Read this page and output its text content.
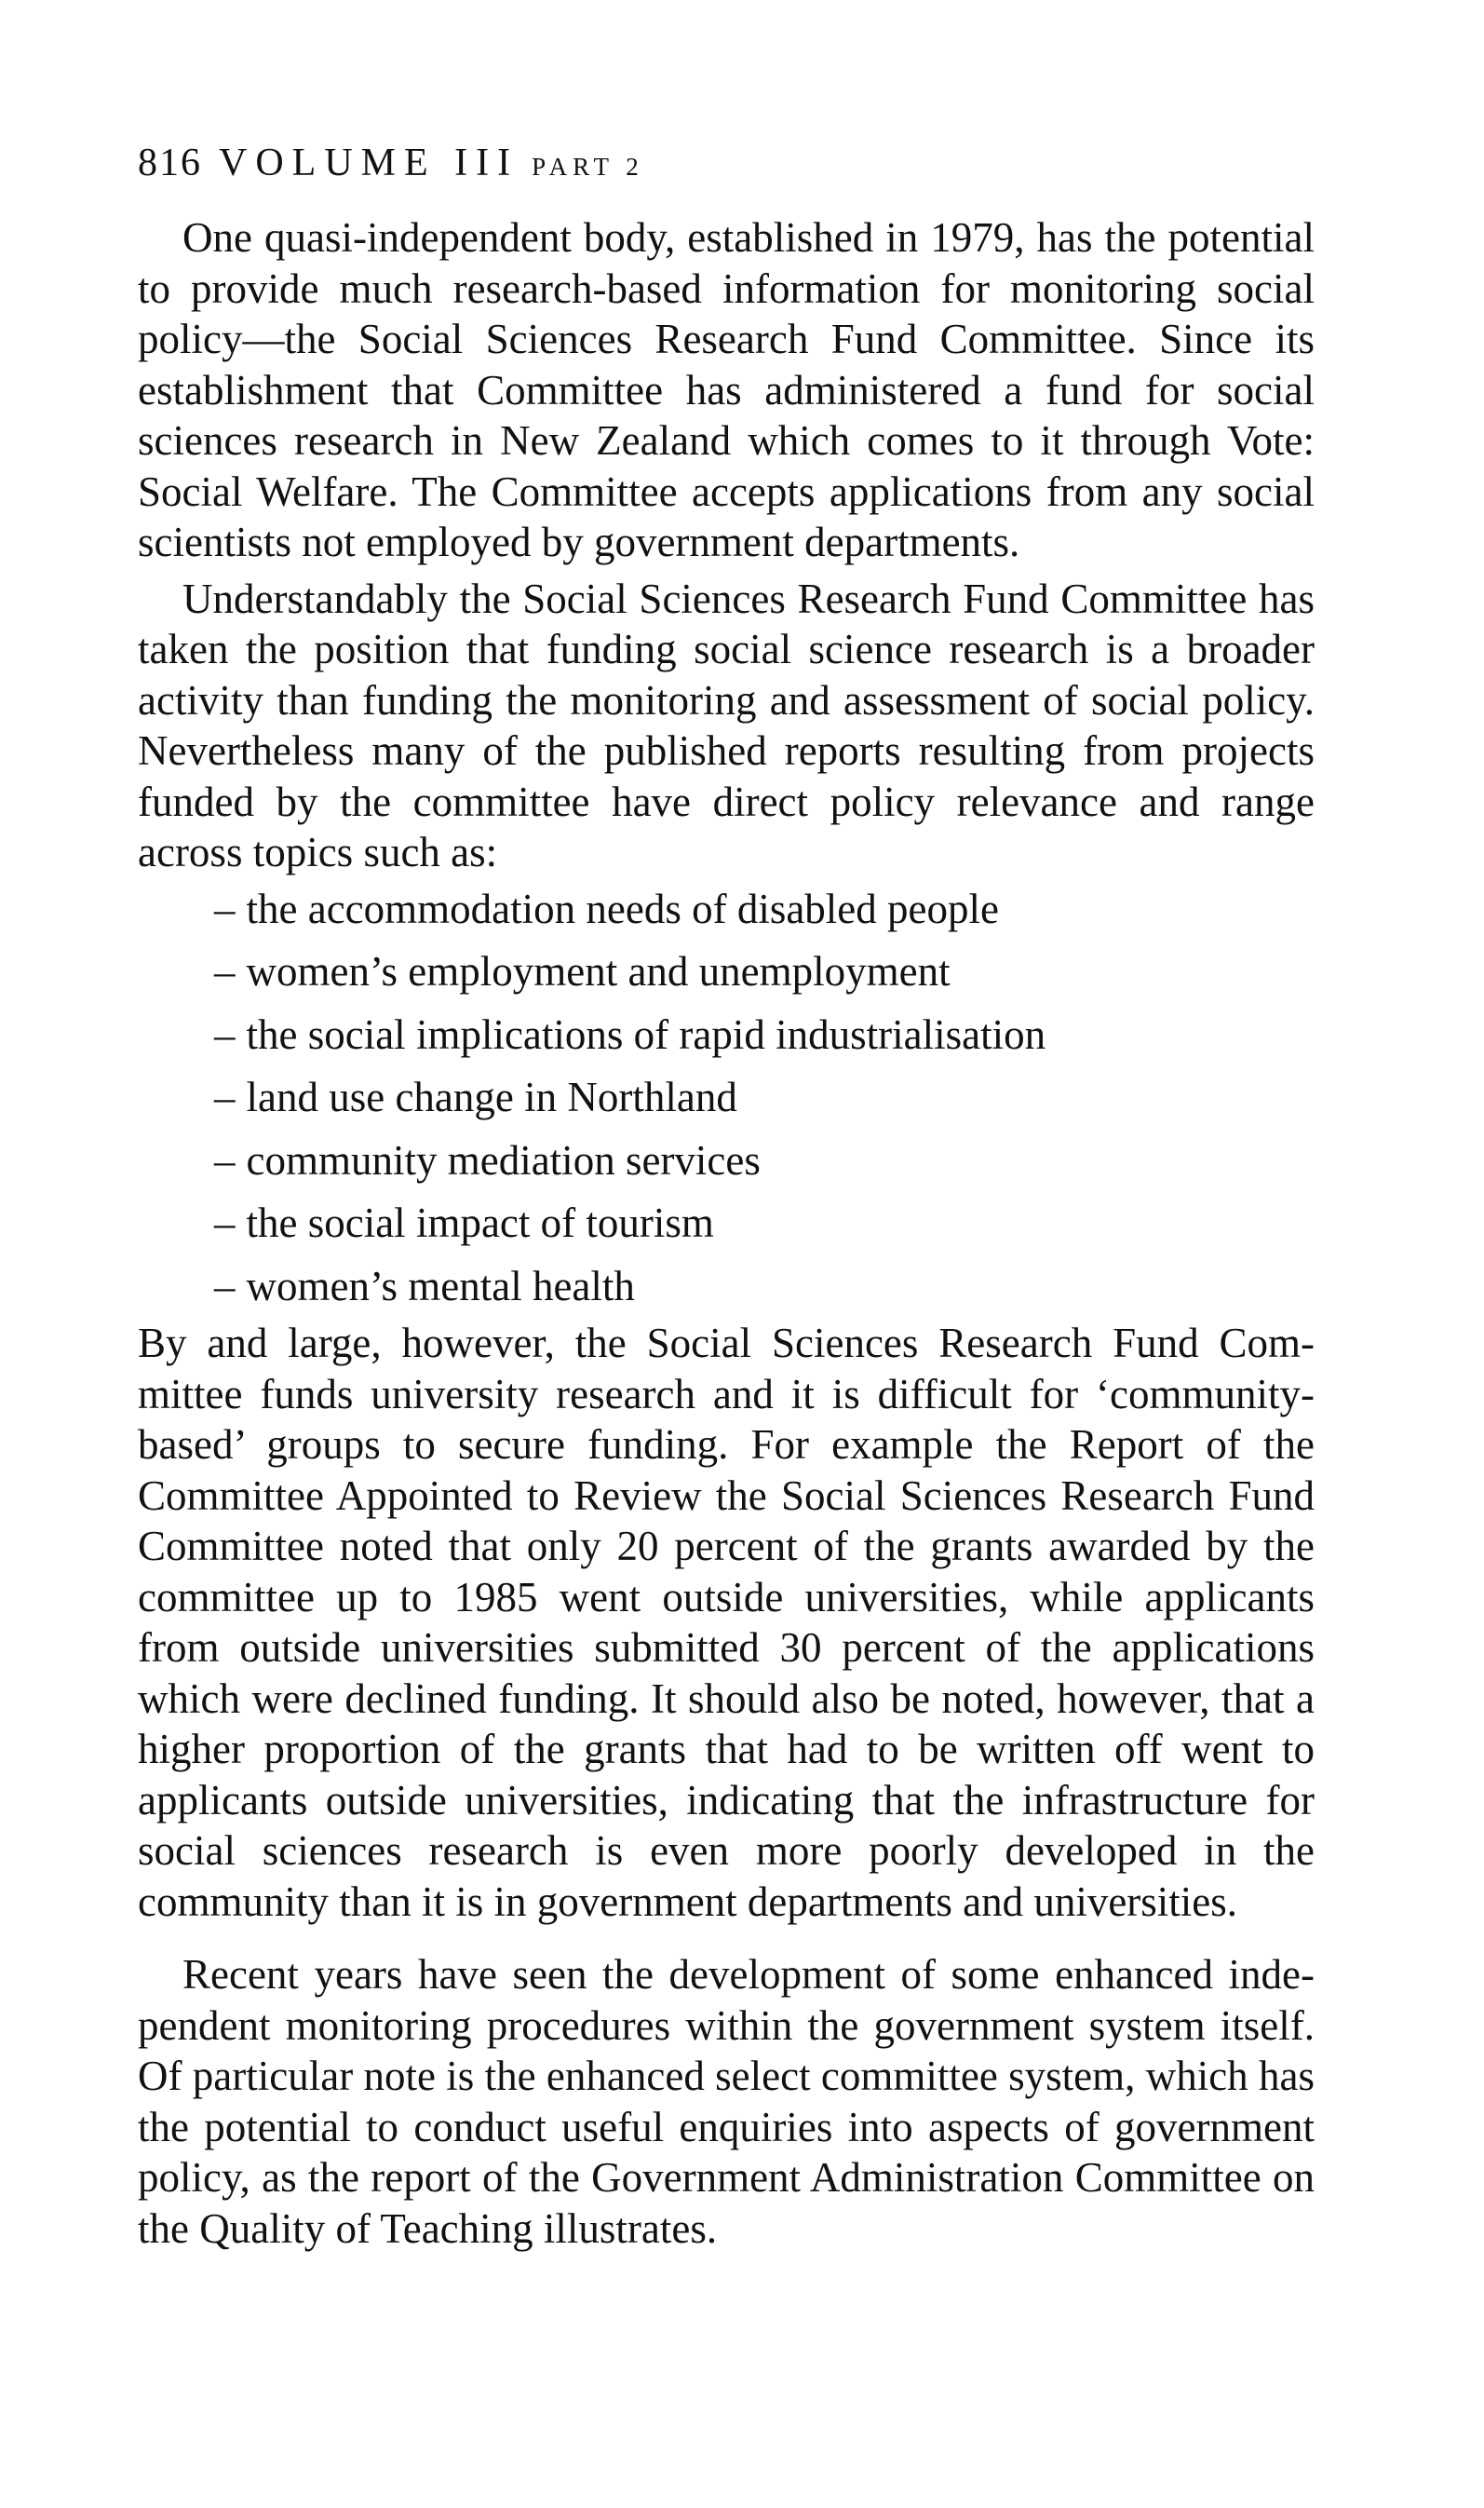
816 VOLUME III PART 2

One quasi-independent body, established in 1979, has the potential to provide much research-based information for monitoring social policy—the Social Sciences Research Fund Committee. Since its establishment that Committee has administered a fund for social sciences research in New Zealand which comes to it through Vote: Social Welfare. The Committee accepts applications from any social scientists not employed by government departments.

Understandably the Social Sciences Research Fund Committee has taken the position that funding social science research is a broader activity than funding the monitoring and assessment of social policy. Nevertheless many of the published reports resulting from projects funded by the committee have direct policy relevance and range across topics such as:

– the accommodation needs of disabled people
– women’s employment and unemployment
– the social implications of rapid industrialisation
– land use change in Northland
– community mediation services
– the social impact of tourism
– women’s mental health

By and large, however, the Social Sciences Research Fund Committee funds university research and it is difficult for ‘community-based’ groups to secure funding. For example the Report of the Committee Appointed to Review the Social Sciences Research Fund Committee noted that only 20 percent of the grants awarded by the committee up to 1985 went outside universities, while applicants from outside universities submitted 30 percent of the applications which were declined funding. It should also be noted, however, that a higher proportion of the grants that had to be written off went to applicants outside universities, indicating that the infrastructure for social sciences research is even more poorly developed in the community than it is in government departments and universities.

Recent years have seen the development of some enhanced independent monitoring procedures within the government system itself. Of particular note is the enhanced select committee system, which has the potential to conduct useful enquiries into aspects of government policy, as the report of the Government Administration Committee on the Quality of Teaching illustrates.
